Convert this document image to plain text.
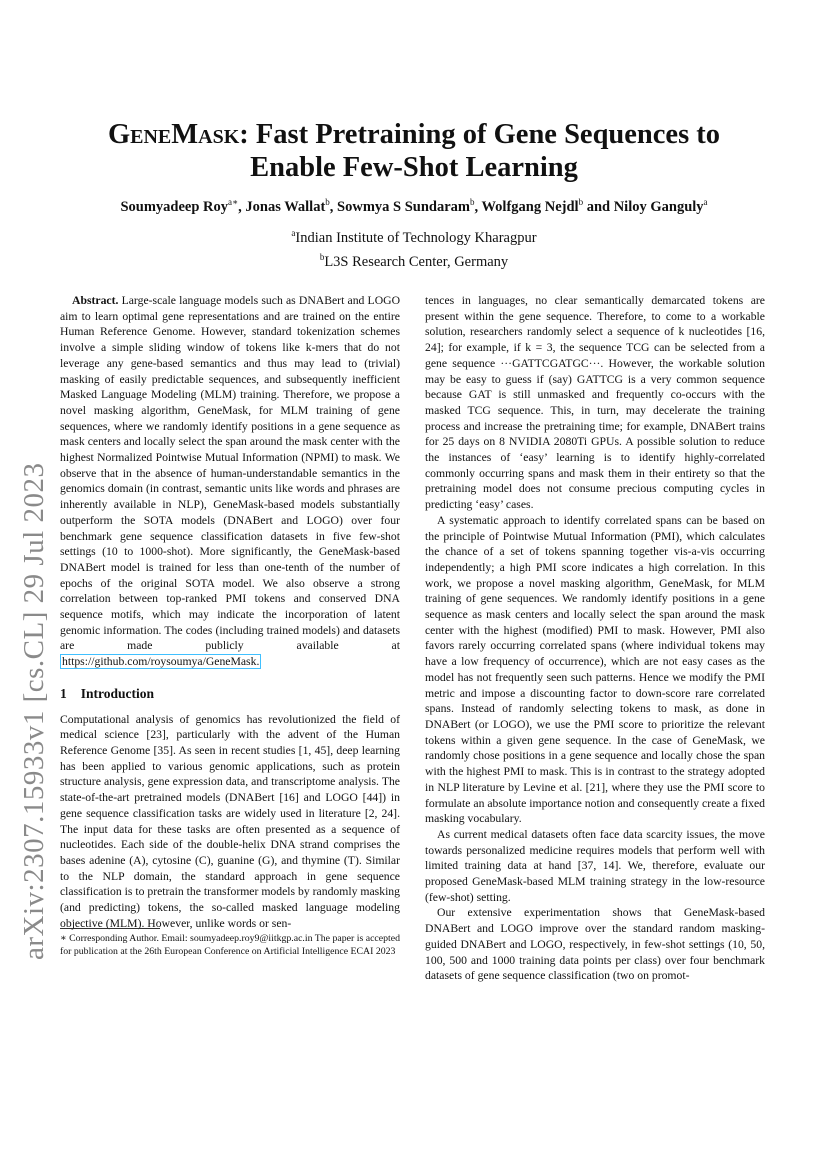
arXiv:2307.15933v1 [cs.CL] 29 Jul 2023
GeneMask: Fast Pretraining of Gene Sequences to
Enable Few-Shot Learning
Soumyadeep Roy$^{a∗}$, Jonas Wallat$^b$, Sowmya S Sundaram$^b$, Wolfgang Nejdl$^b$ and Niloy Ganguly$^a$
$^a$Indian Institute of Technology Kharagpur
$^b$L3S Research Center, Germany

Abstract. Large-scale language models such as DNABert and LOGO aim to learn optimal gene representations and are trained on the entire Human Reference Genome. However, standard tokenization schemes involve a simple sliding window of tokens like k-mers that do not leverage any gene-based semantics and thus may lead to (trivial) masking of easily predictable sequences, and subsequently inefficient Masked Language Modeling (MLM) training. Therefore, we propose a novel masking algorithm, GeneMask, for MLM training of gene sequences, where we randomly identify positions in a gene sequence as mask centers and locally select the span around the mask center with the highest Normalized Pointwise Mutual Information (NPMI) to mask. We observe that in the absence of human-understandable semantics in the genomics domain (in contrast, semantic units like words and phrases are inherently available in NLP), GeneMask-based models substantially outperform the SOTA models (DNABert and LOGO) over four benchmark gene sequence classification datasets in five few-shot settings (10 to 1000-shot). More significantly, the GeneMask-based DNABert model is trained for less than one-tenth of the number of epochs of the original SOTA model. We also observe a strong correlation between top-ranked PMI tokens and conserved DNA sequence motifs, which may indicate the incorporation of latent genomic information. The codes (including trained models) and datasets are made publicly available at https://github.com/roysoumya/GeneMask.

1 Introduction

Computational analysis of genomics has revolutionized the field of medical science [23], particularly with the advent of the Human Reference Genome [35]. As seen in recent studies [1, 45], deep learning has been applied to various genomic applications, such as protein structure analysis, gene expression data, and transcriptome analysis. The state-of-the-art pretrained models (DNABert [16] and LOGO [44]) in gene sequence classification tasks are widely used in literature [2, 24]. The input data for these tasks are often presented as a sequence of nucleotides. Each side of the double-helix DNA strand comprises the bases adenine (A), cytosine (C), guanine (G), and thymine (T). Similar to the NLP domain, the standard approach in gene sequence classification is to pretrain the transformer models by randomly masking (and predicting) tokens, the so-called masked language modeling objective (MLM). However, unlike words or sen-

∗ Corresponding Author. Email: soumyadeep.roy9@iitkgp.ac.in The paper is accepted for publication at the 26th European Conference on Artificial Intelligence ECAI 2023

tences in languages, no clear semantically demarcated tokens are present within the gene sequence. Therefore, to come to a workable solution, researchers randomly select a sequence of k nucleotides [16, 24]; for example, if k = 3, the sequence TCG can be selected from a gene sequence ···GATTCGATGC···. However, the workable solution may be easy to guess if (say) GATTCG is a very common sequence because GAT is still unmasked and frequently co-occurs with the masked TCG sequence. This, in turn, may decelerate the training process and increase the pretraining time; for example, DNABert trains for 25 days on 8 NVIDIA 2080Ti GPUs. A possible solution to reduce the instances of ‘easy’ learning is to identify highly-correlated commonly occurring spans and mask them in their entirety so that the pretraining model does not consume precious computing cycles in predicting ‘easy’ cases.

A systematic approach to identify correlated spans can be based on the principle of Pointwise Mutual Information (PMI), which calculates the chance of a set of tokens spanning together vis-a-vis occurring independently; a high PMI score indicates a high correlation. In this work, we propose a novel masking algorithm, GeneMask, for MLM training of gene sequences. We randomly identify positions in a gene sequence as mask centers and locally select the span around the mask center with the highest (modified) PMI to mask. However, PMI also favors rarely occurring correlated spans (where individual tokens may have a low frequency of occurrence), which are not easy cases as the model has not frequently seen such patterns. Hence we modify the PMI metric and impose a discounting factor to down-score rare correlated spans. Instead of randomly selecting tokens to mask, as done in DNABert (or LOGO), we use the PMI score to prioritize the relevant tokens within a given gene sequence. In the case of GeneMask, we randomly chose positions in a gene sequence and locally chose the span with the highest PMI to mask. This is in contrast to the strategy adopted in NLP literature by Levine et al. [21], where they use the PMI score to formulate an absolute importance notion and consequently create a fixed masking vocabulary.

As current medical datasets often face data scarcity issues, the move towards personalized medicine requires models that perform well with limited training data at hand [37, 14]. We, therefore, evaluate our proposed GeneMask-based MLM training strategy in the low-resource (few-shot) setting.

Our extensive experimentation shows that GeneMask-based DNABert and LOGO improve over the standard random masking-guided DNABert and LOGO, respectively, in few-shot settings (10, 50, 100, 500 and 1000 training data points per class) over four benchmark datasets of gene sequence classification (two on promot-
